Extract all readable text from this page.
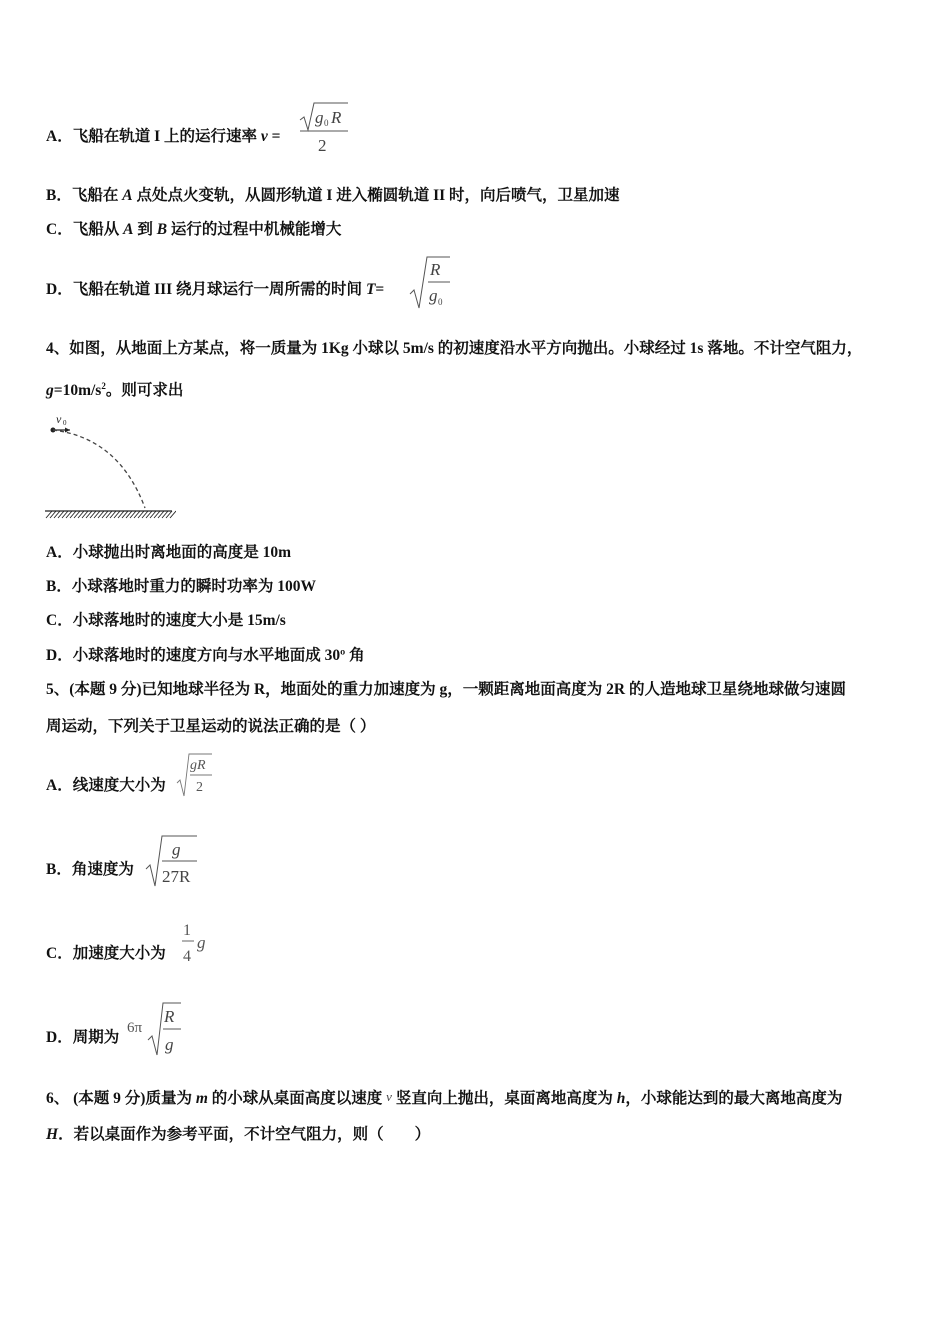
A．飞船在轨道 I 上的运行速率 v =
g 0 R
2
B．飞船在 A 点处点火变轨，从圆形轨道 I 进入椭圆轨道 II 时，向后喷气，卫星加速
C．飞船从 A 到 B 运行的过程中机械能增大
D．飞船在轨道 III 绕月球运行一周所需的时间 T=
R
g 0
4、如图，从地面上方某点，将一质量为 1Kg 小球以 5m/s 的初速度沿水平方向抛出。小球经过 1s 落地。不计空气阻力，
$g=10m/s^2$。则可求出
v 0
A．小球抛出时离地面的高度是 10m
B．小球落地时重力的瞬时功率为 100W
C．小球落地时的速度大小是 15m/s
D．小球落地时的速度方向与水平地面成 30º 角
5、(本题 9 分)已知地球半径为 R，地面处的重力加速度为 g，一颗距离地面高度为 2R 的人造地球卫星绕地球做匀速圆
周运动，下列关于卫星运动的说法正确的是（ ）
A．线速度大小为
gR
2
B．角速度为
g
27R
C．加速度大小为
1
4
g
D．周期为
6π
R
g
6、 (本题 9 分)质量为 m 的小球从桌面高度以速度 v 竖直向上抛出，桌面离地高度为 h，小球能达到的最大离地高度为
H．若以桌面作为参考平面，不计空气阻力，则（　　）
